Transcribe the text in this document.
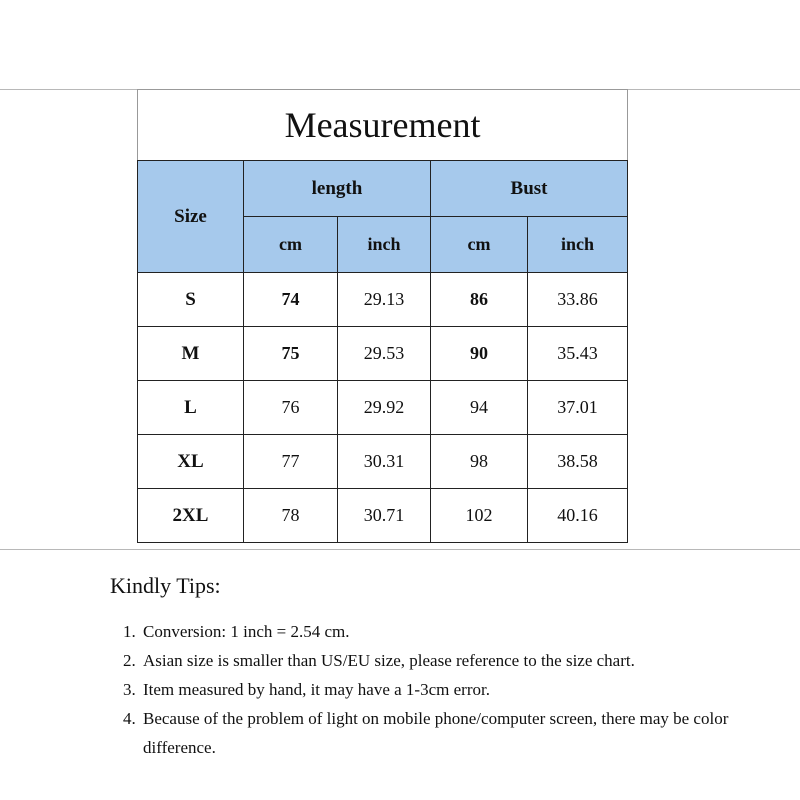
Measurement				
Size	length		Bust	
	cm	inch	cm	inch
S	74	29.13	86	33.86
M	75	29.53	90	35.43
L	76	29.92	94	37.01
XL	77	30.31	98	38.58
2XL	78	30.71	102	40.16

Kindly Tips:

1. Conversion: 1 inch = 2.54 cm.
2. Asian size is smaller than US/EU size, please reference to the size chart.
3. Item measured by hand, it may have a 1-3cm error.
4. Because of the problem of light on mobile phone/computer screen, there may be color difference.
